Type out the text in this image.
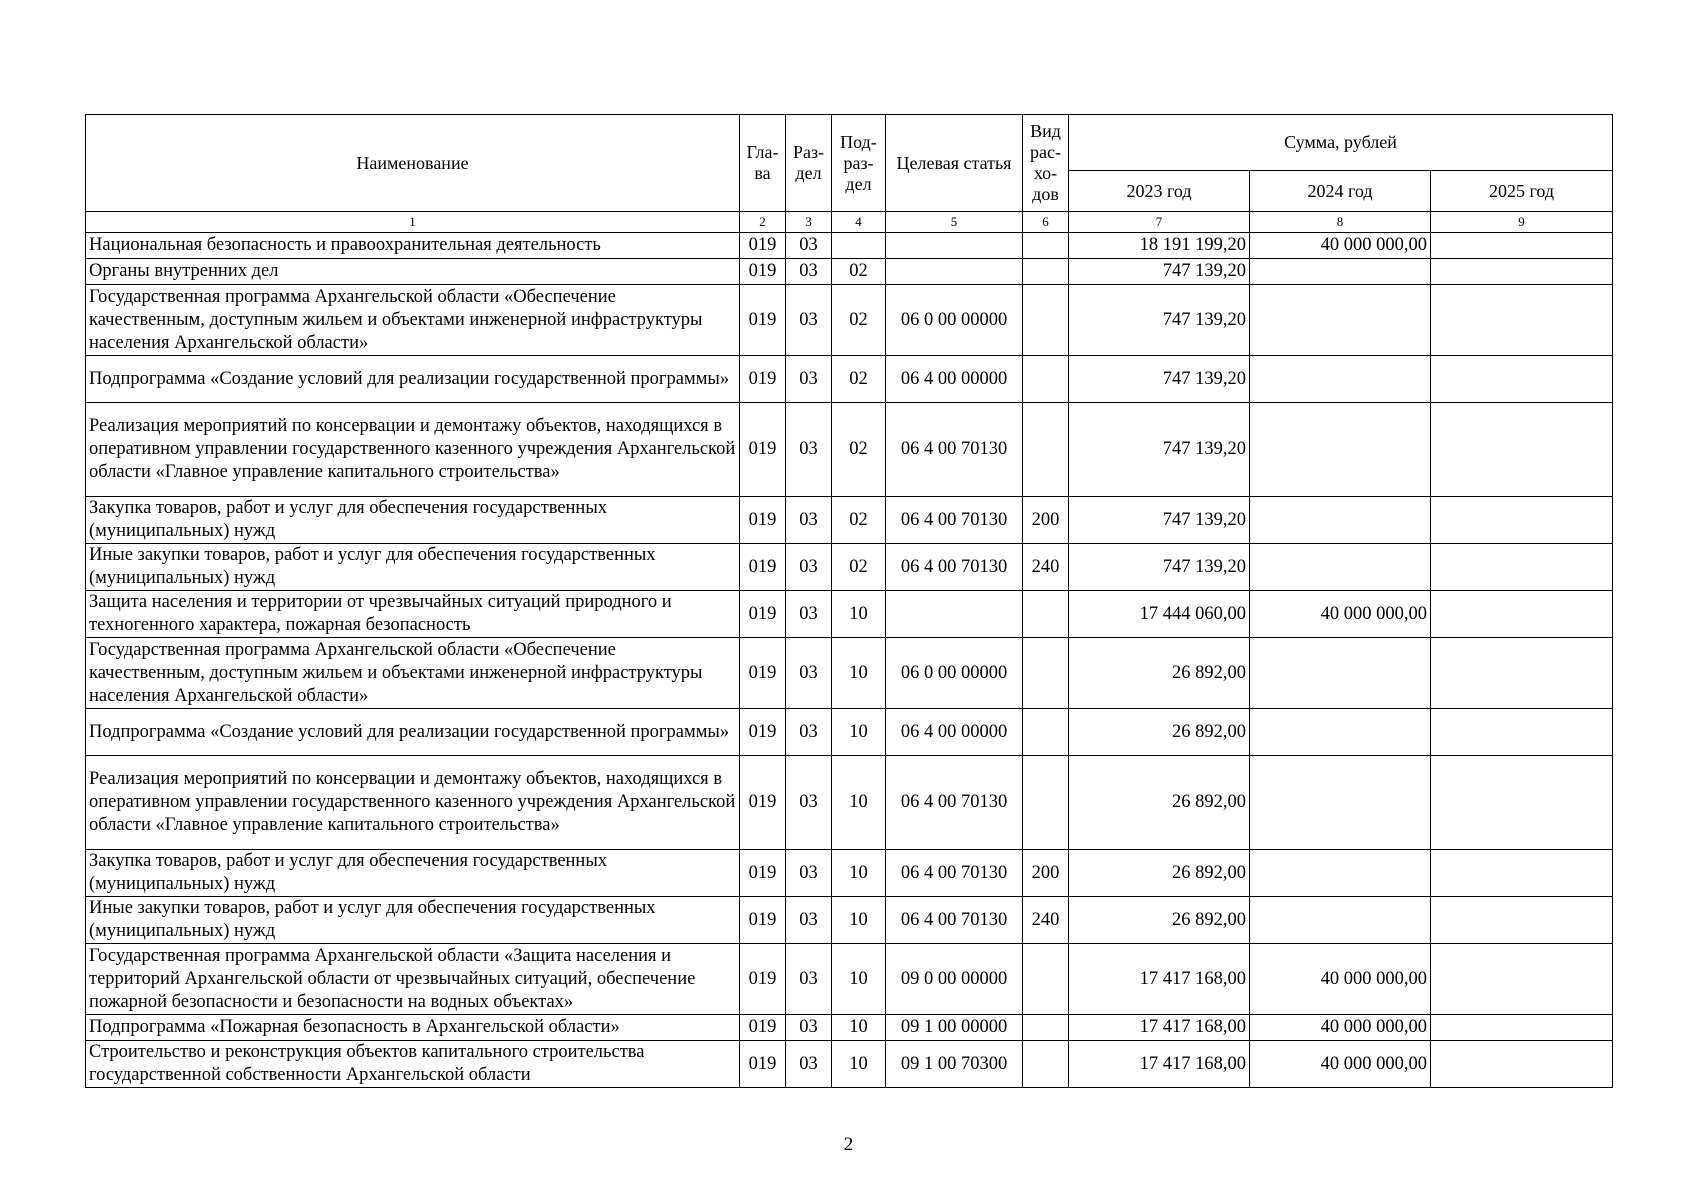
Наименование	Гла- ва	Раз- дел	Под- раз- дел	Целевая статья	Вид рас- хо- дов	Сумма, рублей		
						2023 год	2024 год	2025 год
1	2	3	4	5	6	7	8	9
Национальная безопасность и правоохранительная деятельность	019	03				18 191 199,20	40 000 000,00	
Органы внутренних дел	019	03	02			747 139,20		
Государственная программа Архангельской области «Обеспечение качественным, доступным жильем и объектами инженерной инфраструктуры населения Архангельской области»	019	03	02	06 0 00 00000		747 139,20		
Подпрограмма «Создание условий для реализации государственной программы»	019	03	02	06 4 00 00000		747 139,20		
Реализация мероприятий по консервации и демонтажу объектов, находящихся в оперативном управлении государственного казенного учреждения Архангельской области «Главное управление капитального строительства»	019	03	02	06 4 00 70130		747 139,20		
Закупка товаров, работ и услуг для обеспечения государственных (муниципальных) нужд	019	03	02	06 4 00 70130	200	747 139,20		
Иные закупки товаров, работ и услуг для обеспечения государственных (муниципальных) нужд	019	03	02	06 4 00 70130	240	747 139,20		
Защита населения и территории от чрезвычайных ситуаций природного и техногенного характера, пожарная безопасность	019	03	10			17 444 060,00	40 000 000,00	
Государственная программа Архангельской области «Обеспечение качественным, доступным жильем и объектами инженерной инфраструктуры населения Архангельской области»	019	03	10	06 0 00 00000		26 892,00		
Подпрограмма «Создание условий для реализации государственной программы»	019	03	10	06 4 00 00000		26 892,00		
Реализация мероприятий по консервации и демонтажу объектов, находящихся в оперативном управлении государственного казенного учреждения Архангельской области «Главное управление капитального строительства»	019	03	10	06 4 00 70130		26 892,00		
Закупка товаров, работ и услуг для обеспечения государственных (муниципальных) нужд	019	03	10	06 4 00 70130	200	26 892,00		
Иные закупки товаров, работ и услуг для обеспечения государственных (муниципальных) нужд	019	03	10	06 4 00 70130	240	26 892,00		
Государственная программа Архангельской области «Защита населения и территорий Архангельской области от чрезвычайных ситуаций, обеспечение пожарной безопасности и безопасности на водных объектах»	019	03	10	09 0 00 00000		17 417 168,00	40 000 000,00	
Подпрограмма «Пожарная безопасность в Архангельской области»	019	03	10	09 1 00 00000		17 417 168,00	40 000 000,00	
Строительство и реконструкция объектов капитального строительства государственной собственности Архангельской области	019	03	10	09 1 00 70300		17 417 168,00	40 000 000,00	
2
